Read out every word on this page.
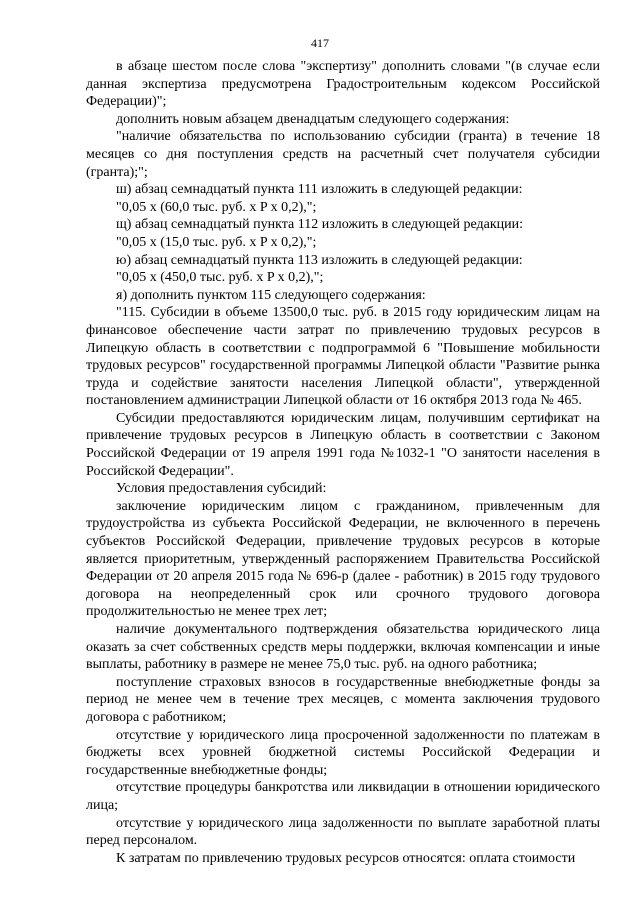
417

в абзаце шестом после слова "экспертизу" дополнить словами "(в случае если данная экспертиза предусмотрена Градостроительным кодексом Российской Федерации)";

дополнить новым абзацем двенадцатым следующего содержания:

"наличие обязательства по использованию субсидии (гранта) в течение 18 месяцев со дня поступления средств на расчетный счет получателя субсидии (гранта);";

ш) абзац семнадцатый пункта 111 изложить в следующей редакции:

"0,05 x (60,0 тыс. руб. x P x 0,2),";

щ) абзац семнадцатый пункта 112 изложить в следующей редакции:

"0,05 x (15,0 тыс. руб. x P x 0,2),";

ю) абзац семнадцатый пункта 113 изложить в следующей редакции:

"0,05 x (450,0 тыс. руб. x P x 0,2),";

я) дополнить пунктом 115 следующего содержания:

"115. Субсидии в объеме 13500,0 тыс. руб. в 2015 году юридическим лицам на финансовое обеспечение части затрат по привлечению трудовых ресурсов в Липецкую область в соответствии с подпрограммой 6 "Повышение мобильности трудовых ресурсов" государственной программы Липецкой области "Развитие рынка труда и содействие занятости населения Липецкой области", утвержденной постановлением администрации Липецкой области от 16 октября 2013 года № 465.

Субсидии предоставляются юридическим лицам, получившим сертификат на привлечение трудовых ресурсов в Липецкую область в соответствии с Законом Российской Федерации от 19 апреля 1991 года №1032-1 "О занятости населения в Российской Федерации".

Условия предоставления субсидий:

заключение юридическим лицом с гражданином, привлеченным для трудоустройства из субъекта Российской Федерации, не включенного в перечень субъектов Российской Федерации, привлечение трудовых ресурсов в которые является приоритетным, утвержденный распоряжением Правительства Российской Федерации от 20 апреля 2015 года № 696-р (далее - работник) в 2015 году трудового договора на неопределенный срок или срочного трудового договора продолжительностью не менее трех лет;

наличие документального подтверждения обязательства юридического лица оказать за счет собственных средств меры поддержки, включая компенсации и иные выплаты, работнику в размере не менее 75,0 тыс. руб. на одного работника;

поступление страховых взносов в государственные внебюджетные фонды за период не менее чем в течение трех месяцев, с момента заключения трудового договора с работником;

отсутствие у юридического лица просроченной задолженности по платежам в бюджеты всех уровней бюджетной системы Российской Федерации и государственные внебюджетные фонды;

отсутствие процедуры банкротства или ликвидации в отношении юридического лица;

отсутствие у юридического лица задолженности по выплате заработной платы перед персоналом.

К затратам по привлечению трудовых ресурсов относятся: оплата стоимости
